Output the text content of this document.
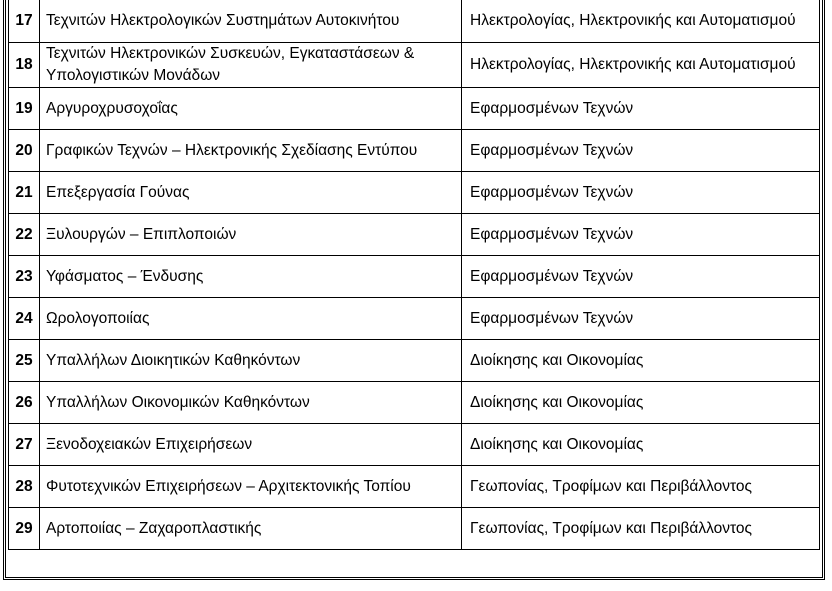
17	Τεχνιτών Ηλεκτρολογικών Συστημάτων Αυτοκινήτου	Ηλεκτρολογίας, Ηλεκτρονικής και Αυτοματισμού
18	Τεχνιτών Ηλεκτρονικών Συσκευών, Εγκαταστάσεων & Υπολογιστικών Μονάδων	Ηλεκτρολογίας, Ηλεκτρονικής και Αυτοματισμού
19	Αργυροχρυσοχοΐας	Εφαρμοσμένων Τεχνών
20	Γραφικών Τεχνών – Ηλεκτρονικής Σχεδίασης Εντύπου	Εφαρμοσμένων Τεχνών
21	Επεξεργασία Γούνας	Εφαρμοσμένων Τεχνών
22	Ξυλουργών – Επιπλοποιών	Εφαρμοσμένων Τεχνών
23	Υφάσματος – Ένδυσης	Εφαρμοσμένων Τεχνών
24	Ωρολογοποιίας	Εφαρμοσμένων Τεχνών
25	Υπαλλήλων Διοικητικών Καθηκόντων	Διοίκησης και Οικονομίας
26	Υπαλλήλων Οικονομικών Καθηκόντων	Διοίκησης και Οικονομίας
27	Ξενοδοχειακών Επιχειρήσεων	Διοίκησης και Οικονομίας
28	Φυτοτεχνικών Επιχειρήσεων – Αρχιτεκτονικής Τοπίου	Γεωπονίας, Τροφίμων και Περιβάλλοντος
29	Αρτοποιίας – Ζαχαροπλαστικής	Γεωπονίας, Τροφίμων και Περιβάλλοντος
